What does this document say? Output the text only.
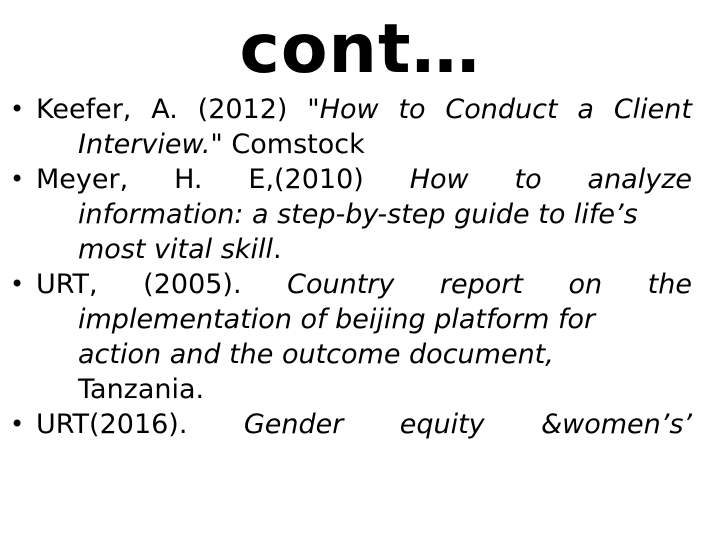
cont…
• Keefer, A. (2012) "How to Conduct a Client
Interview." Comstock
• Meyer, H. E,(2010) How to analyze
information: a step-by-step guide to life’s
most vital skill.
• URT, (2005). Country report on the
implementation of beijing platform for
action and the outcome document,
Tanzania.
• URT(2016). Gender equity &women’s’
